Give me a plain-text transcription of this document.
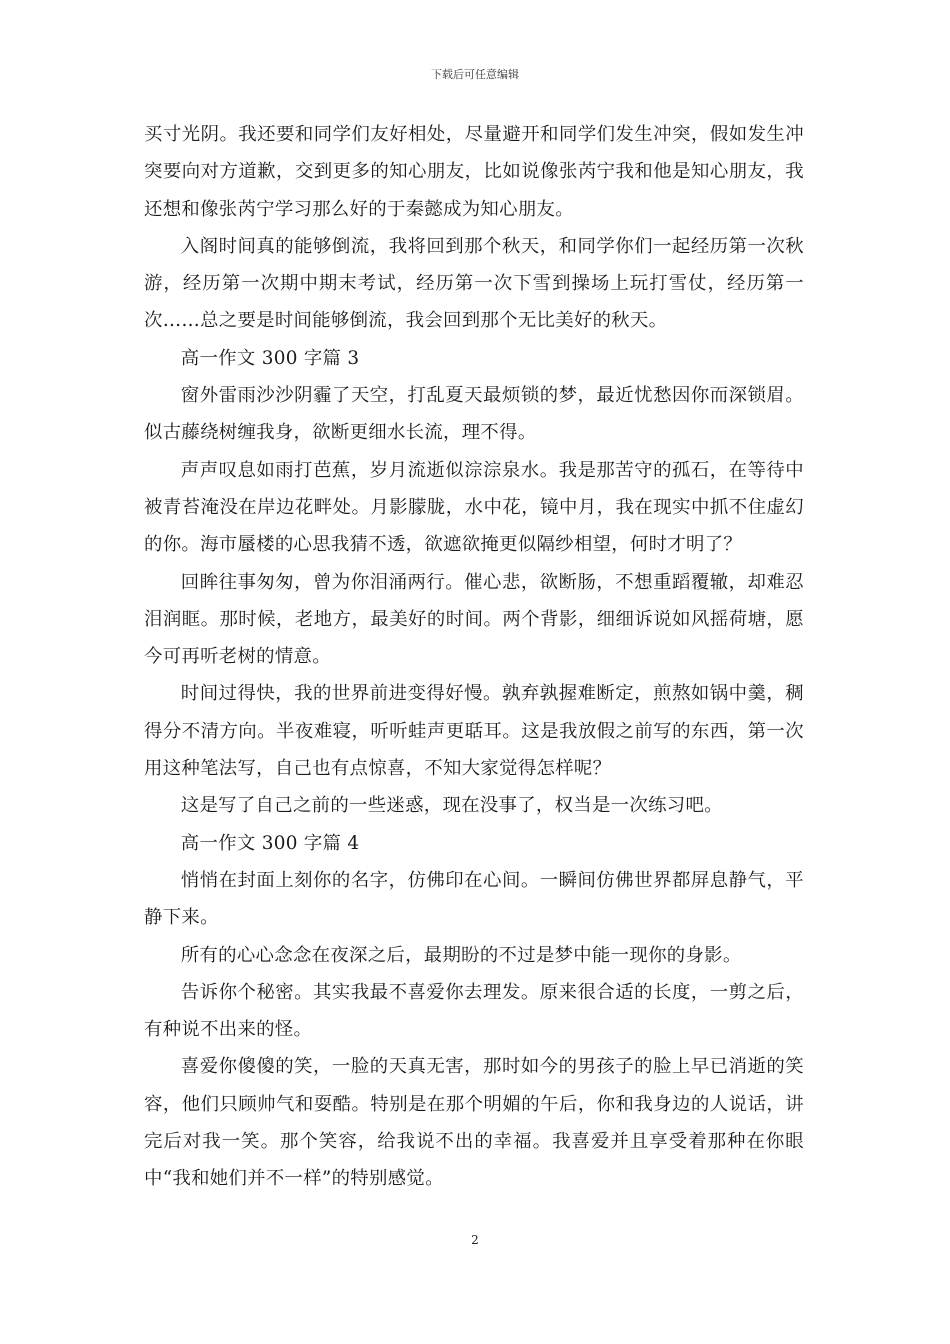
下载后可任意编辑

买寸光阴。我还要和同学们友好相处，尽量避开和同学们发生冲突，假如发生冲突要向对方道歉，交到更多的知心朋友，比如说像张芮宁我和他是知心朋友，我还想和像张芮宁学习那么好的于秦懿成为知心朋友。

入阁时间真的能够倒流，我将回到那个秋天，和同学你们一起经历第一次秋游，经历第一次期中期末考试，经历第一次下雪到操场上玩打雪仗，经历第一次……总之要是时间能够倒流，我会回到那个无比美好的秋天。

高一作文 300 字篇 3

窗外雷雨沙沙阴霾了天空，打乱夏天最烦锁的梦，最近忧愁因你而深锁眉。似古藤绕树缠我身，欲断更细水长流，理不得。

声声叹息如雨打芭蕉，岁月流逝似淙淙泉水。我是那苦守的孤石，在等待中被青苔淹没在岸边花畔处。月影朦胧，水中花，镜中月，我在现实中抓不住虚幻的你。海市蜃楼的心思我猜不透，欲遮欲掩更似隔纱相望，何时才明了？

回眸往事匆匆，曾为你泪涌两行。催心悲，欲断肠，不想重蹈覆辙，却难忍泪润眶。那时候，老地方，最美好的时间。两个背影，细细诉说如风摇荷塘，愿今可再听老树的情意。

时间过得快，我的世界前进变得好慢。孰弃孰握难断定，煎熬如锅中羹，稠得分不清方向。半夜难寝，听听蛙声更聒耳。这是我放假之前写的东西，第一次用这种笔法写，自己也有点惊喜，不知大家觉得怎样呢？

这是写了自己之前的一些迷惑，现在没事了，权当是一次练习吧。

高一作文 300 字篇 4

悄悄在封面上刻你的名字，仿佛印在心间。一瞬间仿佛世界都屏息静气，平静下来。

所有的心心念念在夜深之后，最期盼的不过是梦中能一现你的身影。

告诉你个秘密。其实我最不喜爱你去理发。原来很合适的长度，一剪之后，有种说不出来的怪。

喜爱你傻傻的笑，一脸的天真无害，那时如今的男孩子的脸上早已消逝的笑容，他们只顾帅气和耍酷。特别是在那个明媚的午后，你和我身边的人说话，讲完后对我一笑。那个笑容，给我说不出的幸福。我喜爱并且享受着那种在你眼中“我和她们并不一样”的特别感觉。

2
